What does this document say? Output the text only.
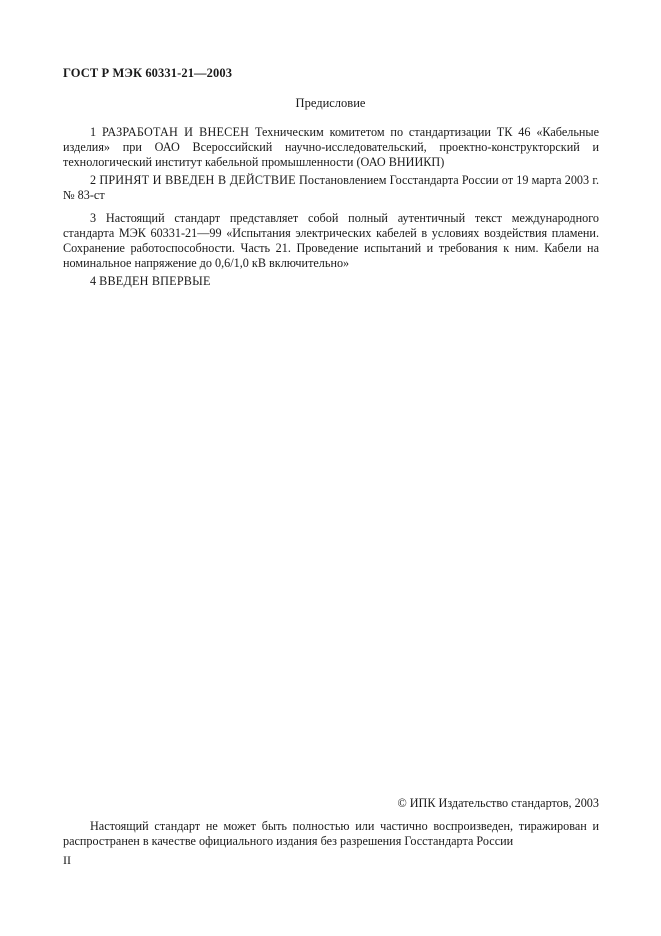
ГОСТ Р МЭК 60331-21—2003
Предисловие
1 РАЗРАБОТАН И ВНЕСЕН Техническим комитетом по стандартизации ТК 46 «Кабельные изделия» при ОАО Всероссийский научно-исследовательский, проектно-конструкторский и технологический институт кабельной промышленности (ОАО ВНИИКП)
2 ПРИНЯТ И ВВЕДЕН В ДЕЙСТВИЕ Постановлением Госстандарта России от 19 марта 2003 г. № 83-ст
3 Настоящий стандарт представляет собой полный аутентичный текст международного стандарта МЭК 60331-21—99 «Испытания электрических кабелей в условиях воздействия пламени. Сохранение работоспособности. Часть 21. Проведение испытаний и требования к ним. Кабели на номинальное напряжение до 0,6/1,0 кВ включительно»
4 ВВЕДЕН ВПЕРВЫЕ
© ИПК Издательство стандартов, 2003
Настоящий стандарт не может быть полностью или частично воспроизведен, тиражирован и распространен в качестве официального издания без разрешения Госстандарта России
II
